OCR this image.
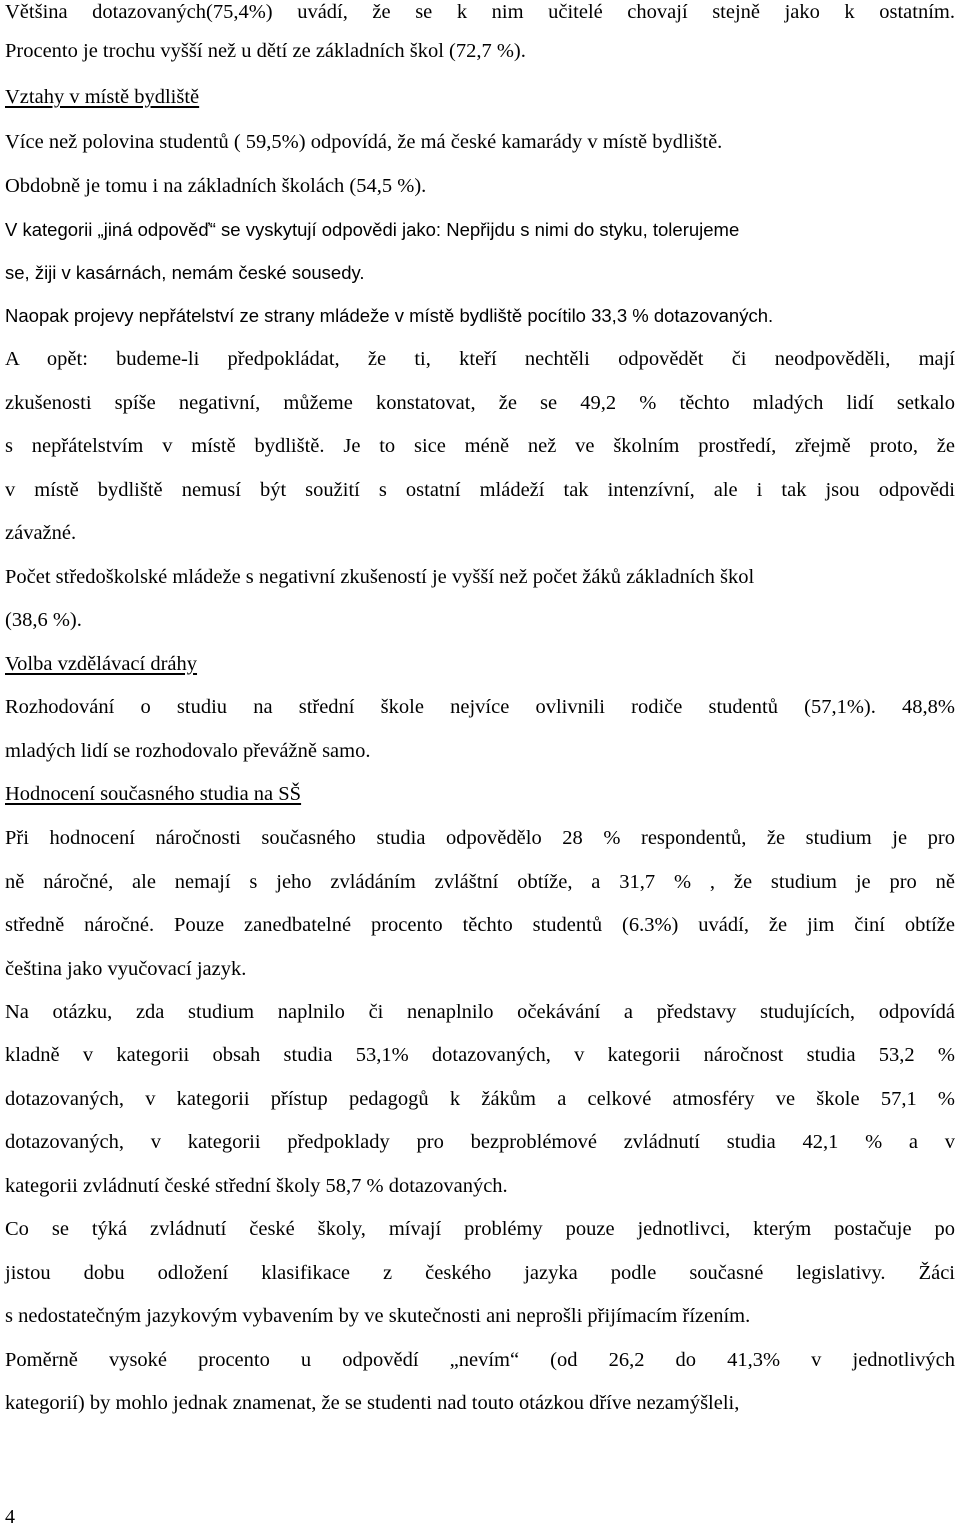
Většina dotazovaných(75,4%) uvádí, že se k nim učitelé chovají stejně jako k ostatním.
Procento je trochu vyšší než u dětí ze základních škol (72,7 %).
Vztahy v místě bydliště
Více než polovina studentů ( 59,5%) odpovídá, že má české kamarády v místě bydliště.
Obdobně je tomu i na základních školách (54,5 %).
V kategorii „jiná odpověď“ se vyskytují odpovědi jako: Nepřijdu s nimi do styku, tolerujeme
se, žiji v kasárnách, nemám české sousedy.
Naopak projevy nepřátelství ze strany mládeže v místě bydliště pocítilo 33,3 % dotazovaných.
A opět: budeme-li předpokládat, že ti, kteří nechtěli odpovědět či neodpověděli, mají
zkušenosti spíše negativní, můžeme konstatovat, že se 49,2 % těchto mladých lidí setkalo
s nepřátelstvím v místě bydliště. Je to sice méně než ve školním prostředí, zřejmě proto, že
v místě bydliště nemusí být soužití s ostatní mládeží tak intenzívní, ale i tak jsou odpovědi
závažné.
Počet středoškolské mládeže s negativní zkušeností je vyšší než počet žáků základních škol
(38,6 %).
Volba vzdělávací dráhy
Rozhodování o studiu na střední škole nejvíce ovlivnili rodiče studentů (57,1%). 48,8%
mladých lidí se rozhodovalo převážně samo.
Hodnocení současného studia na SŠ
Při hodnocení náročnosti současného studia odpovědělo 28 % respondentů, že studium je pro
ně náročné, ale nemají s jeho zvládáním zvláštní obtíže, a 31,7 % , že studium je pro ně
středně náročné. Pouze zanedbatelné procento těchto studentů (6.3%) uvádí, že jim činí obtíže
čeština jako vyučovací jazyk.
Na otázku, zda studium naplnilo či nenaplnilo očekávání a představy studujících, odpovídá
kladně v kategorii obsah studia 53,1% dotazovaných, v kategorii náročnost studia 53,2 %
dotazovaných, v kategorii přístup pedagogů k žákům a celkové atmosféry ve škole 57,1 %
dotazovaných, v kategorii předpoklady pro bezproblémové zvládnutí studia 42,1 % a v
kategorii zvládnutí české střední školy 58,7 % dotazovaných.
Co se týká zvládnutí české školy, mívají problémy pouze jednotlivci, kterým postačuje po
jistou dobu odložení klasifikace z českého jazyka podle současné legislativy. Žáci
s nedostatečným jazykovým vybavením by ve skutečnosti ani neprošli přijímacím řízením.
Poměrně vysoké procento u odpovědí „nevím“ (od 26,2 do 41,3% v jednotlivých
kategorií) by mohlo jednak znamenat, že se studenti nad touto otázkou dříve nezamýšleli,
4
